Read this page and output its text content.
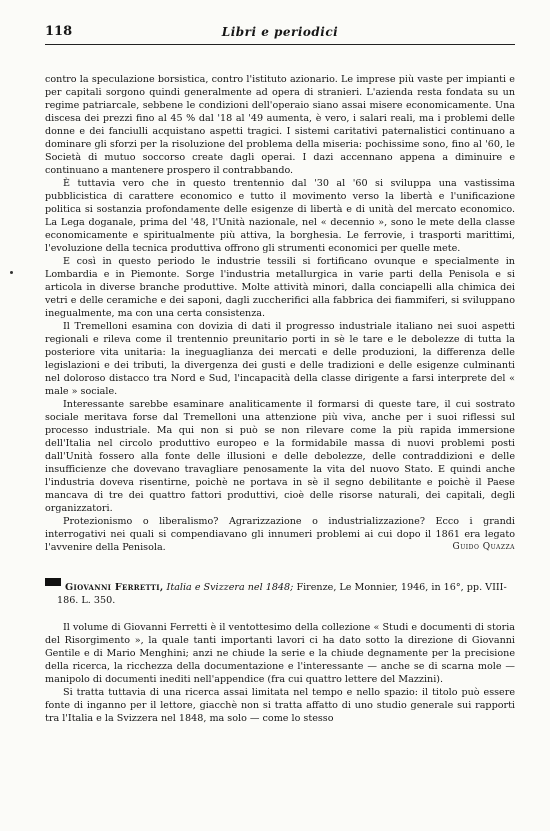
118	Libri e periodici

contro la speculazione borsistica, contro l'istituto azionario. Le imprese più vaste per impianti e per capitali sorgono quindi generalmente ad opera di stranieri. L'azienda resta fondata su un regime patriarcale, sebbene le condizioni dell'operaio siano assai misere economicamente. Una discesa dei prezzi fino al 45 % dal '18 al '49 aumenta, è vero, i salari reali, ma i problemi delle donne e dei fanciulli acquistano aspetti tragici. I sistemi caritativi paternalistici continuano a dominare gli sforzi per la risoluzione del problema della miseria: pochissime sono, fino al '60, le Società di mutuo soccorso create dagli operai. I dazi accennano appena a diminuire e continuano a mantenere prospero il contrabbando.

È tuttavia vero che in questo trentennio dal '30 al '60 si sviluppa una vastissima pubblicistica di carattere economico e tutto il movimento verso la libertà e l'unificazione politica si sostanzia profondamente delle esigenze di libertà e di unità del mercato economico. La Lega doganale, prima del '48, l'Unità nazionale, nel « decennio », sono le mete della classe economicamente e spiritualmente più attiva, la borghesia. Le ferrovie, i trasporti marittimi, l'evoluzione della tecnica produttiva offrono gli strumenti economici per quelle mete.

E così in questo periodo le industrie tessili si fortificano ovunque e specialmente in Lombardia e in Piemonte. Sorge l'industria metallurgica in varie parti della Penisola e si articola in diverse branche produttive. Molte attività minori, dalla conciapelli alla chimica dei vetri e delle ceramiche e dei saponi, dagli zuccherifici alla fabbrica dei fiammiferi, si sviluppano inegualmente, ma con una certa consistenza.

Il Tremelloni esamina con dovizia di dati il progresso industriale italiano nei suoi aspetti regionali e rileva come il trentennio preunitario porti in sè le tare e le debolezze di tutta la posteriore vita unitaria: la ineguaglianza dei mercati e delle produzioni, la differenza delle legislazioni e dei tributi, la divergenza dei gusti e delle tradizioni e delle esigenze culminanti nel doloroso distacco tra Nord e Sud, l'incapacità della classe dirigente a farsi interprete del « male » sociale.

Interessante sarebbe esaminare analiticamente il formarsi di queste tare, il cui sostrato sociale meritava forse dal Tremelloni una attenzione più viva, anche per i suoi riflessi sul processo industriale. Ma qui non si può se non rilevare come la più rapida immersione dell'Italia nel circolo produttivo europeo e la formidabile massa di nuovi problemi posti dall'Unità fossero alla fonte delle illusioni e delle debolezze, delle contraddizioni e delle insufficienze che dovevano travagliare penosamente la vita del nuovo Stato. E quindi anche l'industria doveva risentirne, poichè ne portava in sè il segno debilitante e poichè il Paese mancava di tre dei quattro fattori produttivi, cioè delle risorse naturali, dei capitali, degli organizzatori.

Protezionismo o liberalismo? Agrarizzazione o industrializzazione? Ecco i grandi interrogativi nei quali si compendiavano gli innumeri problemi ai cui dopo il 1861 era legato l'avvenire della Penisola.	Guido Quazza
Giovanni Ferretti, Italia e Svizzera nel 1848; Firenze, Le Monnier, 1946, in 16°, pp. VIII-186. L. 350.

Il volume di Giovanni Ferretti è il ventottesimo della collezione « Studi e documenti di storia del Risorgimento », la quale tanti importanti lavori ci ha dato sotto la direzione di Giovanni Gentile e di Mario Menghini; anzi ne chiude la serie e la chiude degnamente per la precisione della ricerca, la ricchezza della documentazione e l'interessante — anche se di scarna mole — manipolo di documenti inediti nell'appendice (fra cui quattro lettere del Mazzini).

Si tratta tuttavia di una ricerca assai limitata nel tempo e nello spazio: il titolo può essere fonte di inganno per il lettore, giacchè non si tratta affatto di uno studio generale sui rapporti tra l'Italia e la Svizzera nel 1848, ma solo — come lo stesso
